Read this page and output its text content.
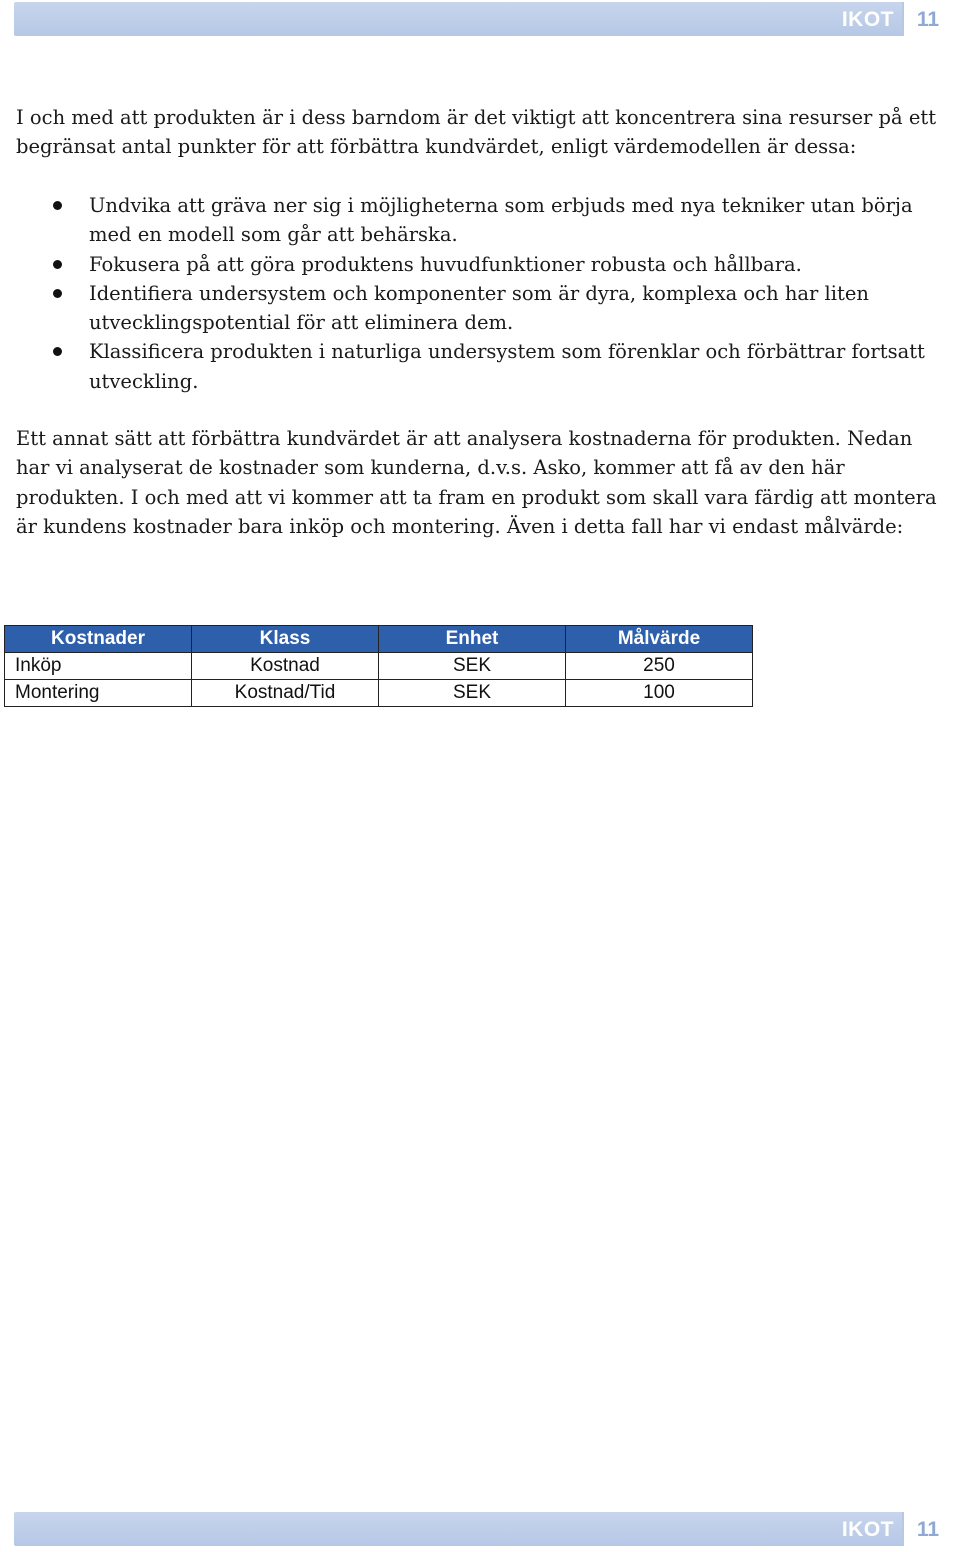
IKOT	11

I och med att produkten är i dess barndom är det viktigt att koncentrera sina resurser på ett begränsat antal punkter för att förbättra kundvärdet, enligt värdemodellen är dessa:

Undvika att gräva ner sig i möjligheterna som erbjuds med nya tekniker utan börja med en modell som går att behärska.
Fokusera på att göra produktens huvudfunktioner robusta och hållbara.
Identifiera undersystem och komponenter som är dyra, komplexa och har liten utvecklingspotential för att eliminera dem.
Klassificera produkten i naturliga undersystem som förenklar och förbättrar fortsatt utveckling.

Ett annat sätt att förbättra kundvärdet är att analysera kostnaderna för produkten. Nedan har vi analyserat de kostnader som kunderna, d.v.s. Asko, kommer att få av den här produkten. I och med att vi kommer att ta fram en produkt som skall vara färdig att montera är kundens kostnader bara inköp och montering. Även i detta fall har vi endast målvärde:

Kostnader	Klass	Enhet	Målvärde
Inköp	Kostnad	SEK	250
Montering	Kostnad/Tid	SEK	100
IKOT	11
